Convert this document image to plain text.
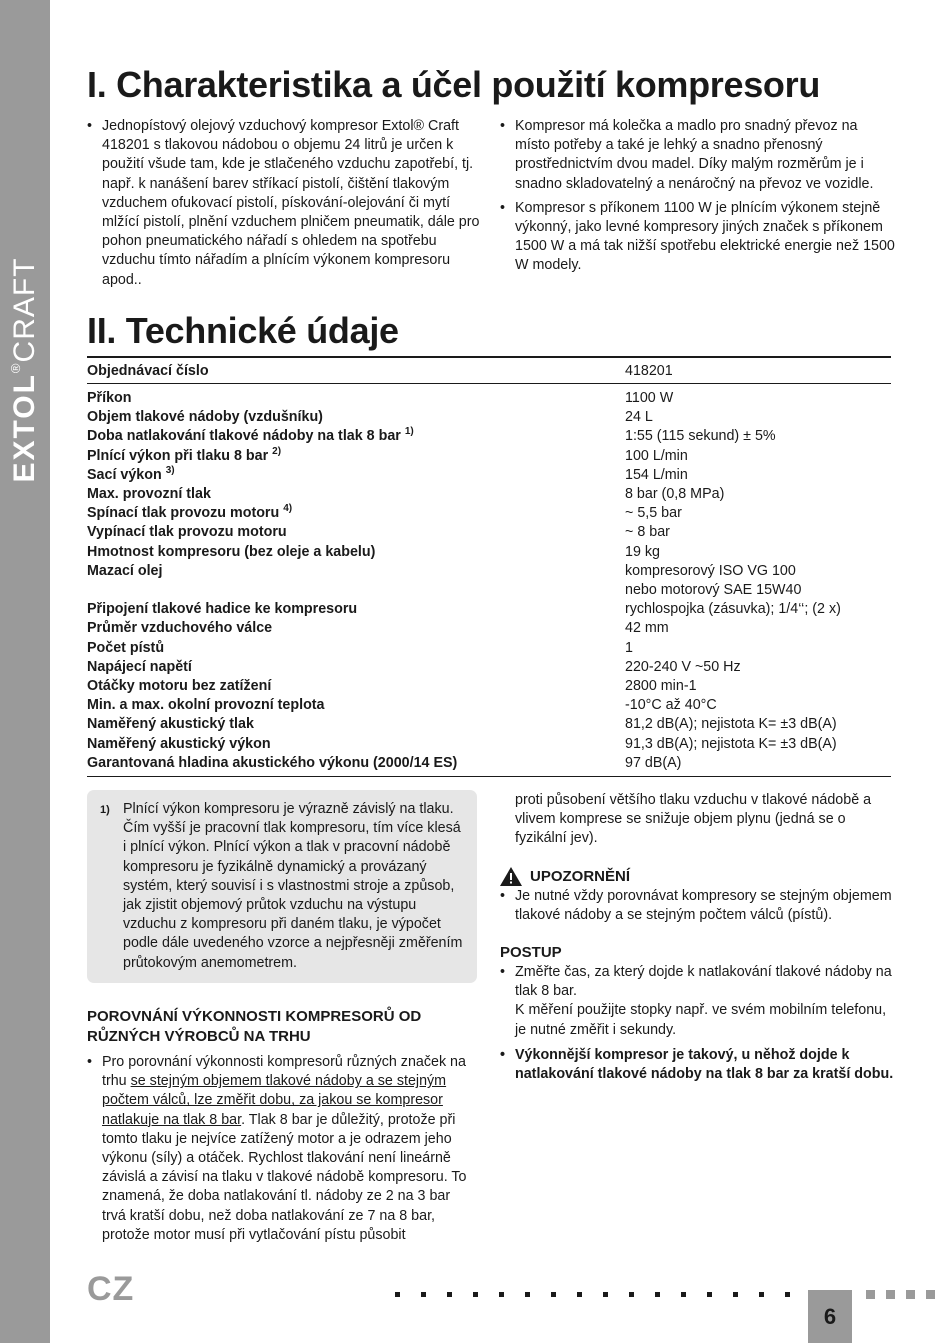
EXTOL®CRAFT
I. Charakteristika a účel použití kompresoru
• Jednopístový olejový vzduchový kompresor Extol® Craft 418201 s tlakovou nádobou o objemu 24 litrů je určen k použití všude tam, kde je stlačeného vzduchu zapotřebí, tj. např. k nanášení barev stříkací pistolí, čištění tlakovým vzduchem ofukovací pistolí, pískování-olejování či mytí mlžící pistolí, plnění vzduchem plničem pneumatik, dále pro pohon pneumatického nářadí s ohledem na spotřebu vzduchu tímto nářadím a plnícím výkonem kompresoru apod..
• Kompresor má kolečka a madlo pro snadný převoz na místo potřeby a také je lehký a snadno přenosný prostřednictvím dvou madel. Díky malým rozměrům je i snadno skladovatelný a nenáročný na převoz ve vozidle.
• Kompresor s příkonem 1100 W je plnícím výkonem stejně výkonný, jako levné kompresory jiných značek s příkonem 1500 W a má tak nižší spotřebu elektrické energie než 1500 W modely.
II. Technické údaje
Objednávací číslo	418201
Příkon	1100 W
Objem tlakové nádoby (vzdušníku)	24 L
Doba natlakování tlakové nádoby na tlak 8 bar $^{1)}$	1:55 (115 sekund) ± 5%
Plnící výkon při tlaku 8 bar $^{2)}$	100 L/min
Sací výkon $^{3)}$	154 L/min
Max. provozní tlak	8 bar (0,8 MPa)
Spínací tlak provozu motoru $^{4)}$	~ 5,5 bar
Vypínací tlak provozu motoru	~ 8 bar
Hmotnost kompresoru (bez oleje a kabelu)	19 kg
Mazací olej	kompresorový ISO VG 100
nebo motorový SAE 15W40
Připojení tlakové hadice ke kompresoru	rychlospojka (zásuvka); 1/4‘‘; (2 x)
Průměr vzduchového válce	42 mm
Počet pístů	1
Napájecí napětí	220-240 V ~50 Hz
Otáčky motoru bez zatížení	2800 min-1
Min. a max. okolní provozní teplota	-10°C až 40°C
Naměřený akustický tlak	81,2 dB(A); nejistota K= ±3 dB(A)
Naměřený akustický výkon	91,3 dB(A); nejistota K= ±3 dB(A)
Garantovaná hladina akustického výkonu (2000/14 ES)	97 dB(A)
1) Plnící výkon kompresoru je výrazně závislý na tlaku. Čím vyšší je pracovní tlak kompresoru, tím více klesá i plnící výkon. Plnící výkon a tlak v pracovní nádobě kompresoru je fyzikálně dynamický a provázaný systém, který souvisí i s vlastnostmi stroje a způsob, jak zjistit objemový průtok vzduchu na výstupu vzduchu z kompresoru při daném tlaku, je výpočet podle dále uvedeného vzorce a nejpřesněji změřením průtokovým anemometrem.
POROVNÁNÍ VÝKONNOSTI KOMPRESORŮ OD RŮZNÝCH VÝROBCŮ NA TRHU
• Pro porovnání výkonnosti kompresorů různých značek na trhu se stejným objemem tlakové nádoby a se stejným počtem válců, lze změřit dobu, za jakou se kompresor natlakuje na tlak 8 bar. Tlak 8 bar je důležitý, protože při tomto tlaku je nejvíce zatížený motor a je odrazem jeho výkonu (síly) a otáček. Rychlost tlakování není lineárně závislá a závisí na tlaku v tlakové nádobě kompresoru. To znamená, že doba natlakování tl. nádoby ze 2 na 3 bar trvá kratší dobu, než doba natlakování ze 7 na 8 bar, protože motor musí při vytlačování pístu působit
proti působení většího tlaku vzduchu v tlakové nádobě a vlivem komprese se snižuje objem plynu (jedná se o fyzikální jev).
UPOZORNĚNÍ
• Je nutné vždy porovnávat kompresory se stejným objemem tlakové nádoby a se stejným počtem válců (pístů).
POSTUP
• Změřte čas, za který dojde k natlakování tlakové nádoby na tlak 8 bar.
K měření použijte stopky např. ve svém mobilním telefonu, je nutné změřit i sekundy.
• Výkonnější kompresor je takový, u něhož dojde k natlakování tlakové nádoby na tlak 8 bar za kratší dobu.
CZ
6
